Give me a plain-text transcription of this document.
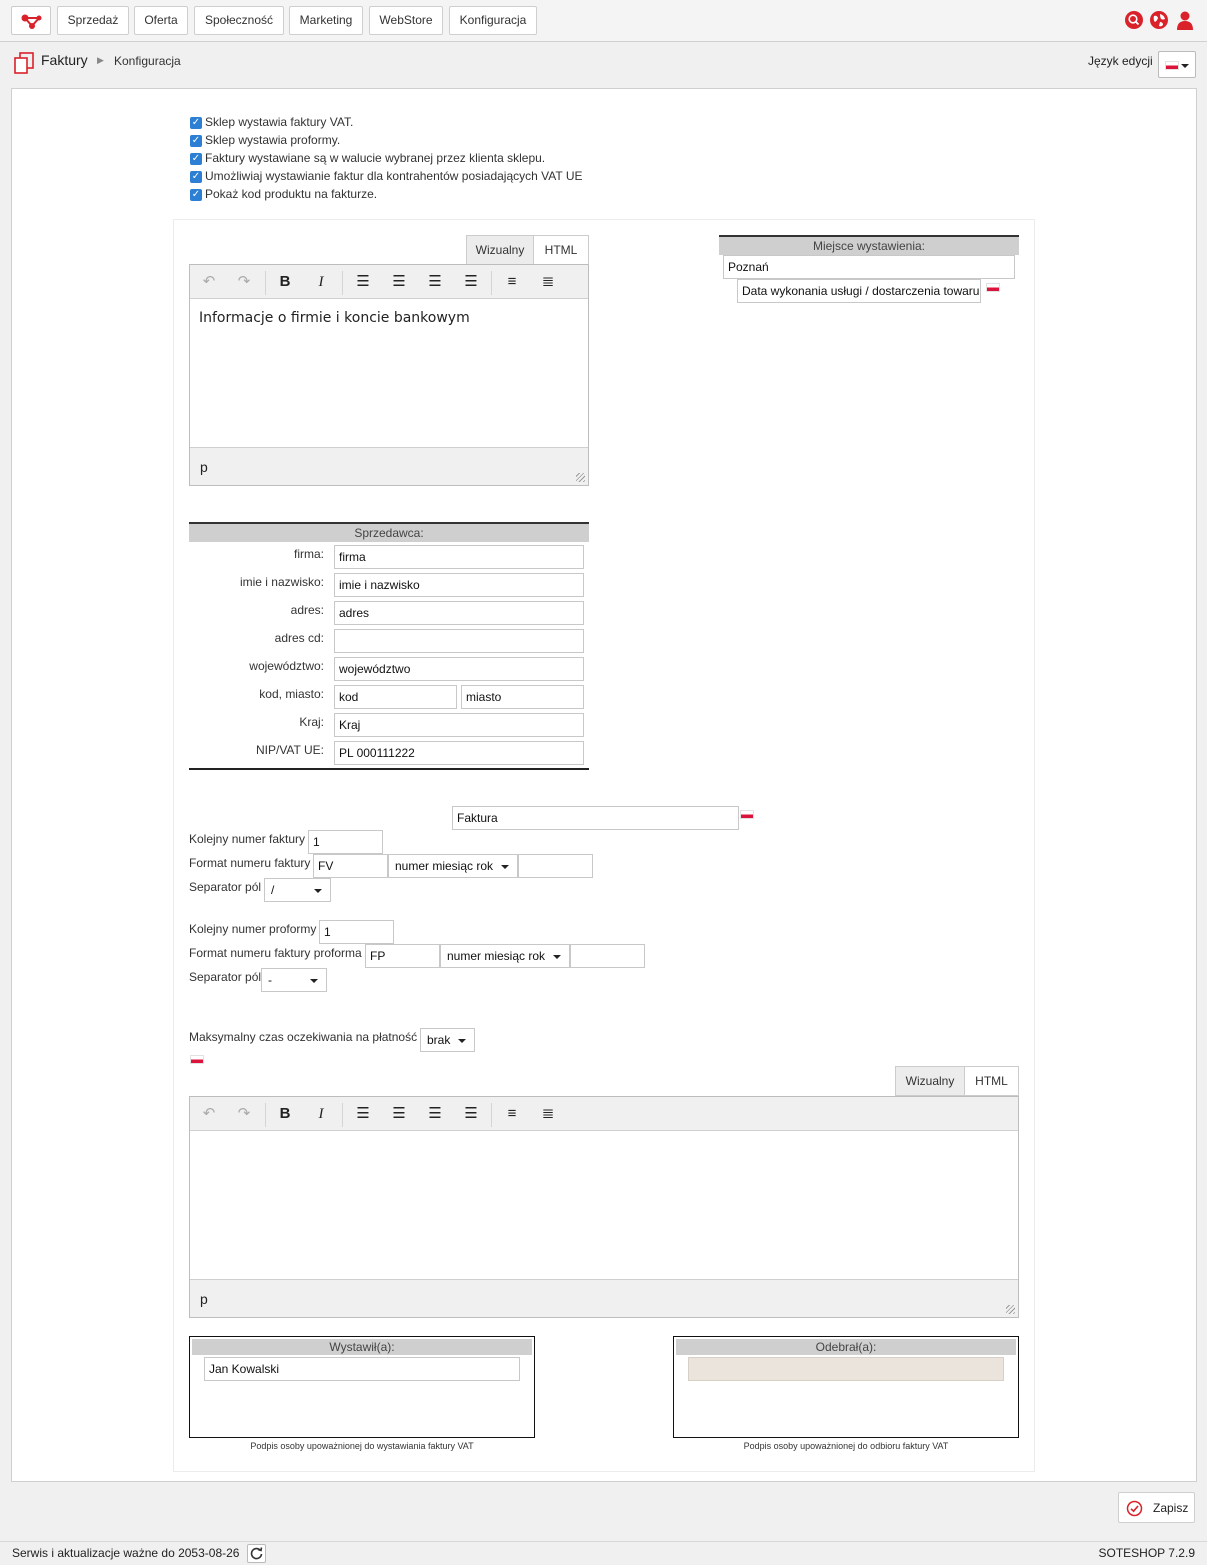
Sprzedaż	Oferta	Społeczność	Marketing	WebStore	Konfiguracja
Faktury ▶ Konfiguracja	Język edycji
✓ Sklep wystawia faktury VAT.
✓ Sklep wystawia proformy.
✓ Faktury wystawiane są w walucie wybranej przez klienta sklepu.
✓ Umożliwiaj wystawianie faktur dla kontrahentów posiadających VAT UE
✓ Pokaż kod produktu na fakturze.
Wizualny	HTML
↶	↷	B	I	☰ ☰ ☰ ☰	≡	≣
Informacje o firmie i koncie bankowym
p
Miejsce wystawienia:
Poznań
Data wykonania usługi / dostarczenia towaru
Sprzedawca:
firma:	firma
imie i nazwisko:	imie i nazwisko
adres:	adres
adres cd:
województwo:	województwo
kod, miasto:	kod	miasto
Kraj:	Kraj
NIP/VAT UE:	PL 000111222
Faktura
Kolejny numer faktury 1
Format numeru faktury FV	numer miesiąc rok
Separator pól /
Kolejny numer proformy 1
Format numeru faktury proforma FP	numer miesiąc rok
Separator pól -
Maksymalny czas oczekiwania na płatność brak
Wizualny	HTML
↶	↷	B	I	☰ ☰ ☰ ☰	≡	≣
p
Wystawił(a):
Jan Kowalski
Podpis osoby upoważnionej do wystawiania faktury VAT
Odebrał(a):
Podpis osoby upoważnionej do odbioru faktury VAT
Zapisz
Serwis i aktualizacje ważne do 2053-08-26	SOTESHOP 7.2.9
